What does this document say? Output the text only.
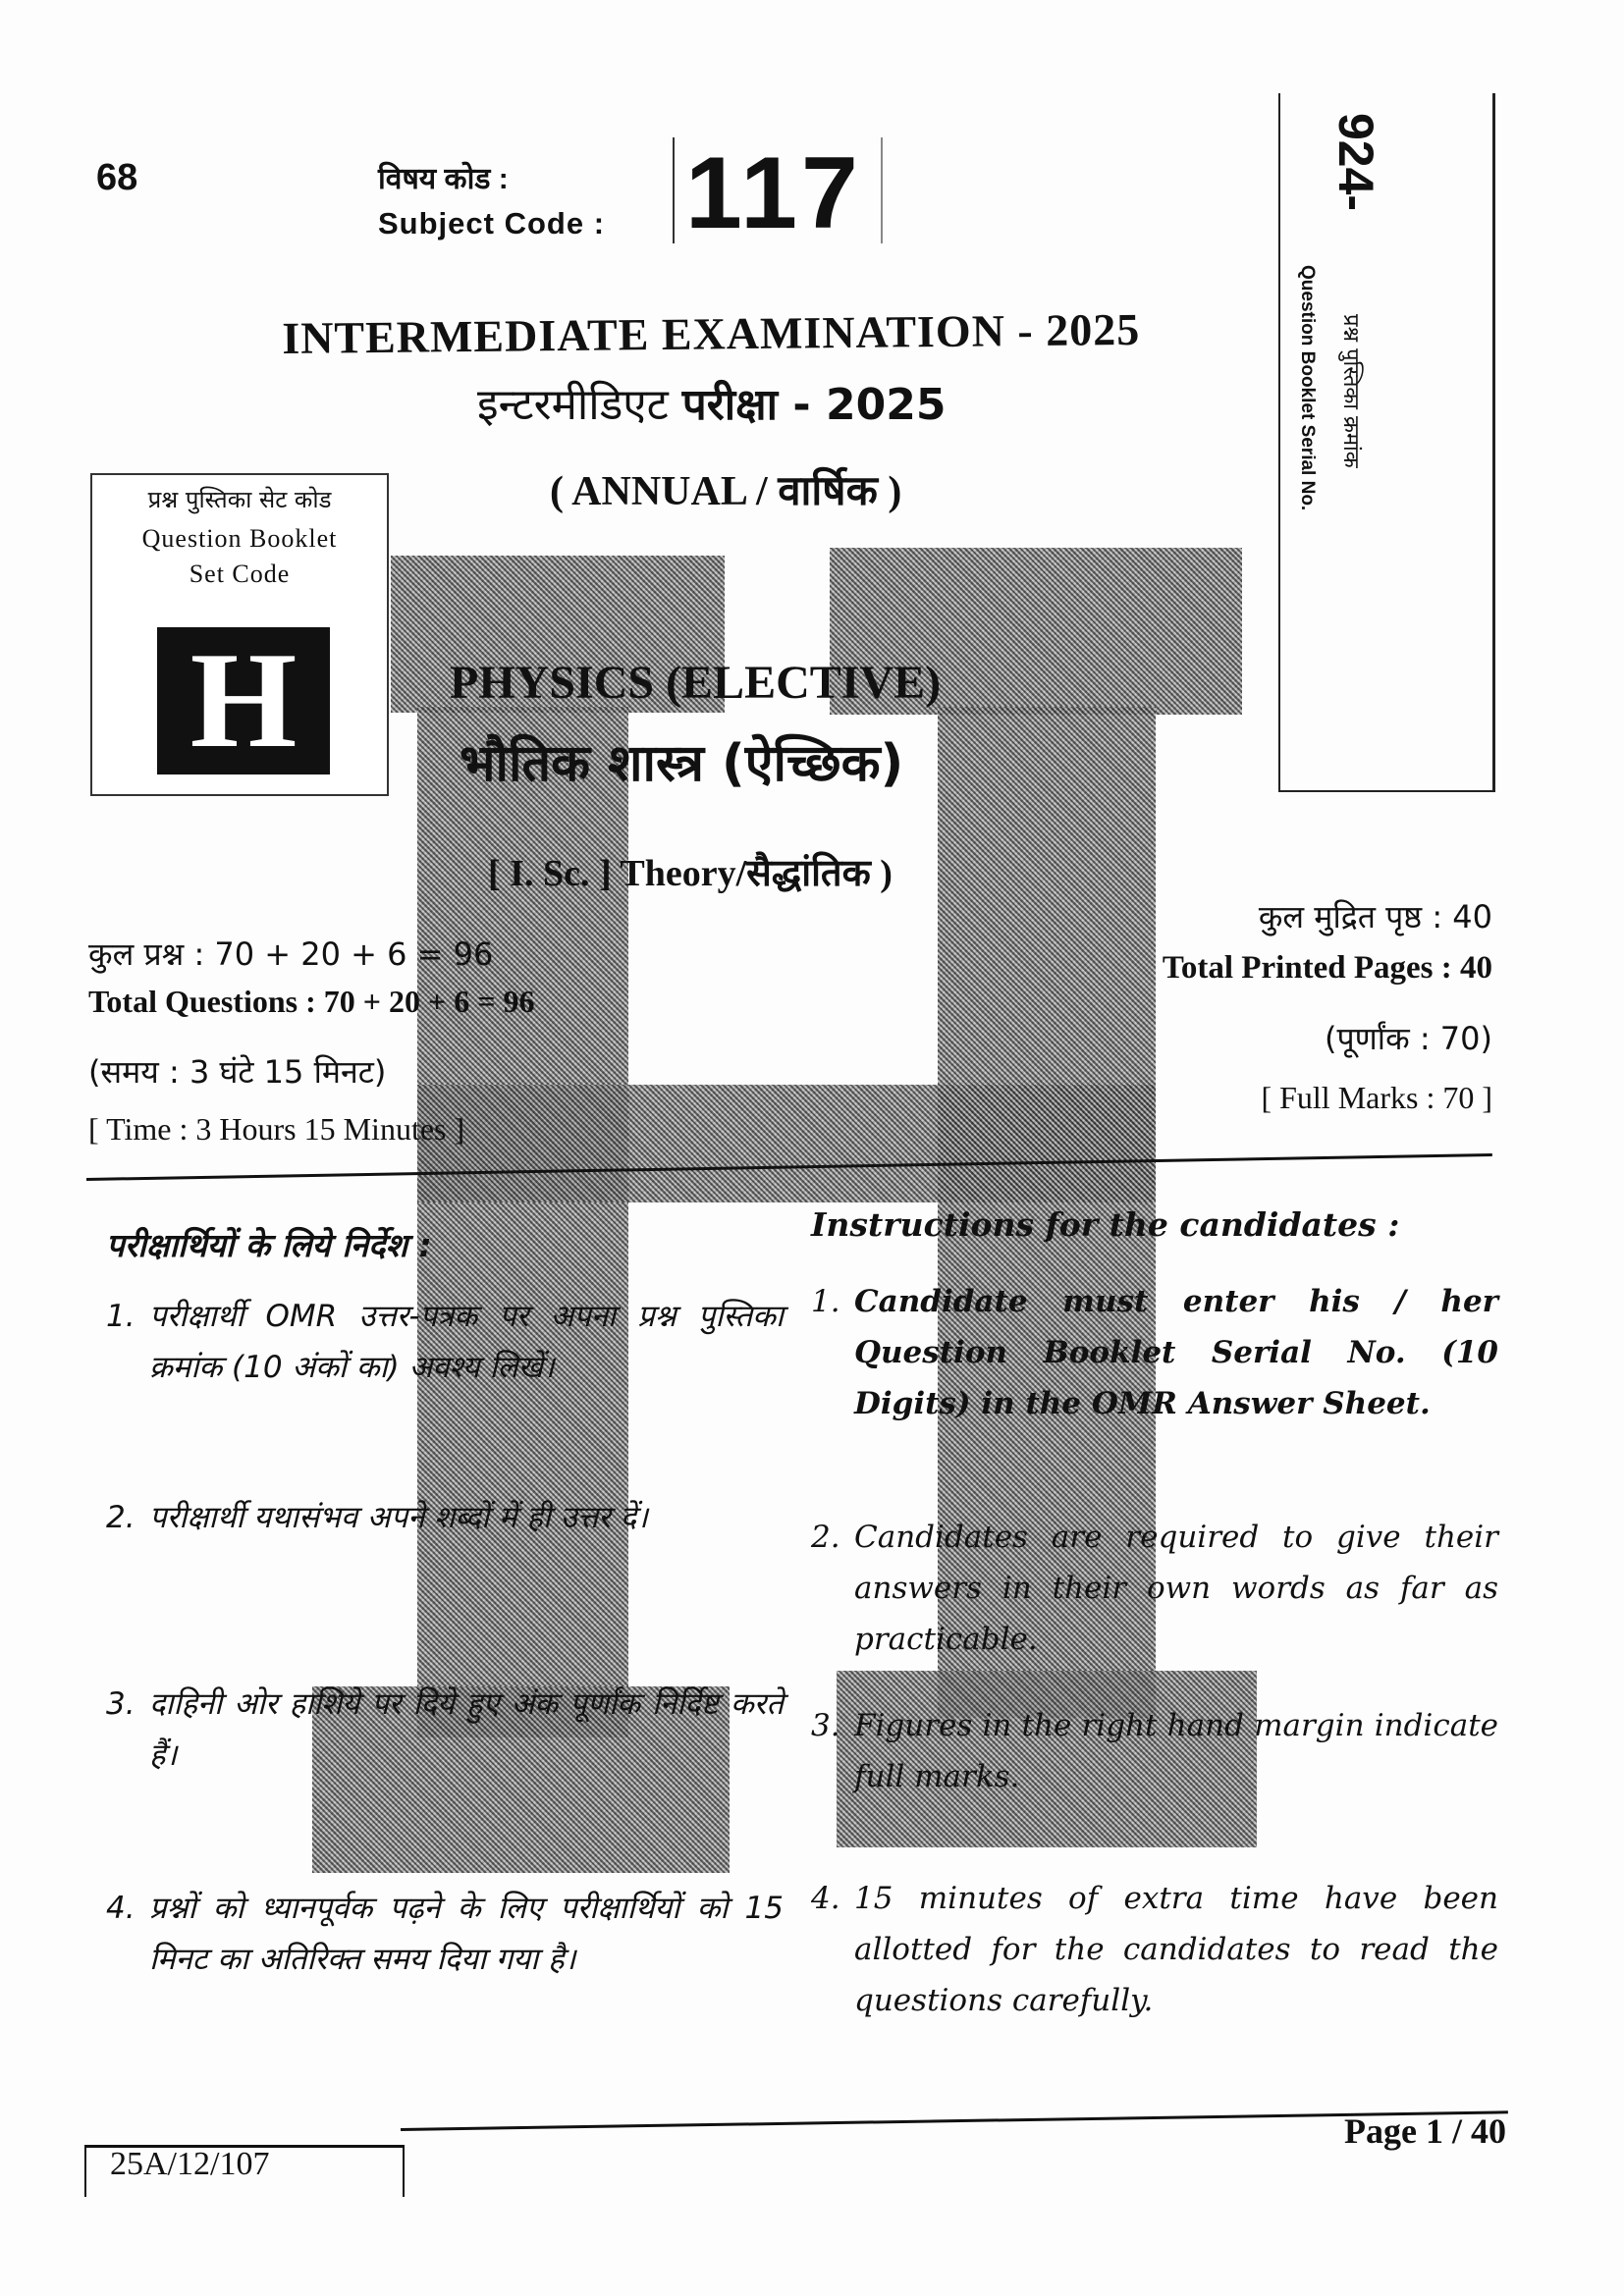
68	विषय कोड :
Subject Code : 117
INTERMEDIATE EXAMINATION - 2025
इन्टरमीडिएट परीक्षा - 2025
( ANNUAL / वार्षिक )
924-
Question Booklet Serial No. प्रश्न पुस्तिका क्रमांक
प्रश्न पुस्तिका सेट कोड
Question Booklet
Set Code
H	PHYSICS (ELECTIVE)
भौतिक शास्त्र (ऐच्छिक)
[ I. Sc. ] Theory/सैद्धांतिक )
कुल प्रश्न : 70 + 20 + 6 = 96
Total Questions : 70 + 20 + 6 = 96
(समय : 3 घंटे 15 मिनट)
[ Time : 3 Hours 15 Minutes ]
कुल मुद्रित पृष्ठ : 40
Total Printed Pages : 40
(पूर्णांक : 70)
[ Full Marks : 70 ]
परीक्षार्थियों के लिये निर्देश :
1. परीक्षार्थी OMR उत्तर-पत्रक पर अपना प्रश्न पुस्तिका क्रमांक (10 अंकों का) अवश्य लिखें।
2. परीक्षार्थी यथासंभव अपने शब्दों में ही उत्तर दें।
3. दाहिनी ओर हाशिये पर दिये हुए अंक पूर्णांक निर्दिष्ट करते हैं।
4. प्रश्नों को ध्यानपूर्वक पढ़ने के लिए परीक्षार्थियों को 15 मिनट का अतिरिक्त समय दिया गया है।
Instructions for the candidates :
1. Candidate must enter his / her Question Booklet Serial No. (10 Digits) in the OMR Answer Sheet.
2. Candidates are required to give their answers in their own words as far as practicable.
3. Figures in the right hand margin indicate full marks.
4. 15 minutes of extra time have been allotted for the candidates to read the questions carefully.
25A/12/107
Page 1 / 40
